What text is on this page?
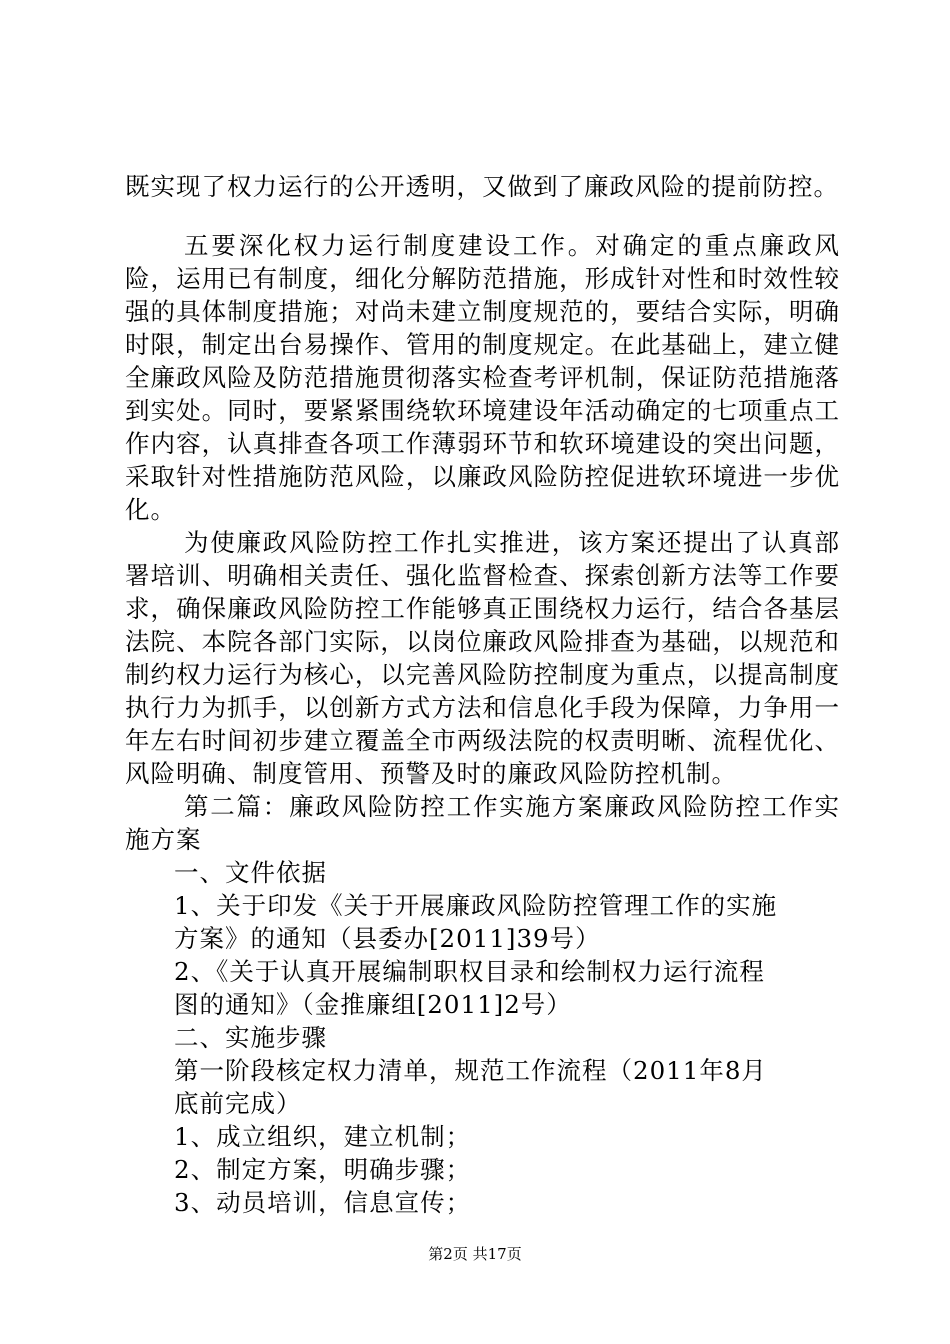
既实现了权力运行的公开透明，又做到了廉政风险的提前防控。

五要深化权力运行制度建设工作。对确定的重点廉政风险，运用已有制度，细化分解防范措施，形成针对性和时效性较强的具体制度措施；对尚未建立制度规范的，要结合实际，明确时限，制定出台易操作、管用的制度规定。在此基础上，建立健全廉政风险及防范措施贯彻落实检查考评机制，保证防范措施落到实处。同时，要紧紧围绕软环境建设年活动确定的七项重点工作内容，认真排查各项工作薄弱环节和软环境建设的突出问题，采取针对性措施防范风险，以廉政风险防控促进软环境进一步优化。

为使廉政风险防控工作扎实推进，该方案还提出了认真部署培训、明确相关责任、强化监督检查、探索创新方法等工作要求，确保廉政风险防控工作能够真正围绕权力运行，结合各基层法院、本院各部门实际，以岗位廉政风险排查为基础，以规范和制约权力运行为核心，以完善风险防控制度为重点，以提高制度执行力为抓手，以创新方式方法和信息化手段为保障，力争用一年左右时间初步建立覆盖全市两级法院的权责明晰、流程优化、风险明确、制度管用、预警及时的廉政风险防控机制。

第二篇：廉政风险防控工作实施方案廉政风险防控工作实施方案

一、文件依据

1、关于印发《关于开展廉政风险防控管理工作的实施方案》的通知（县委办[2011]39号）

2、《关于认真开展编制职权目录和绘制权力运行流程图的通知》（金推廉组[2011]2号）

二、实施步骤

第一阶段核定权力清单，规范工作流程（2011年8月底前完成）

1、成立组织，建立机制；

2、制定方案，明确步骤；

3、动员培训，信息宣传；

第2页 共17页
